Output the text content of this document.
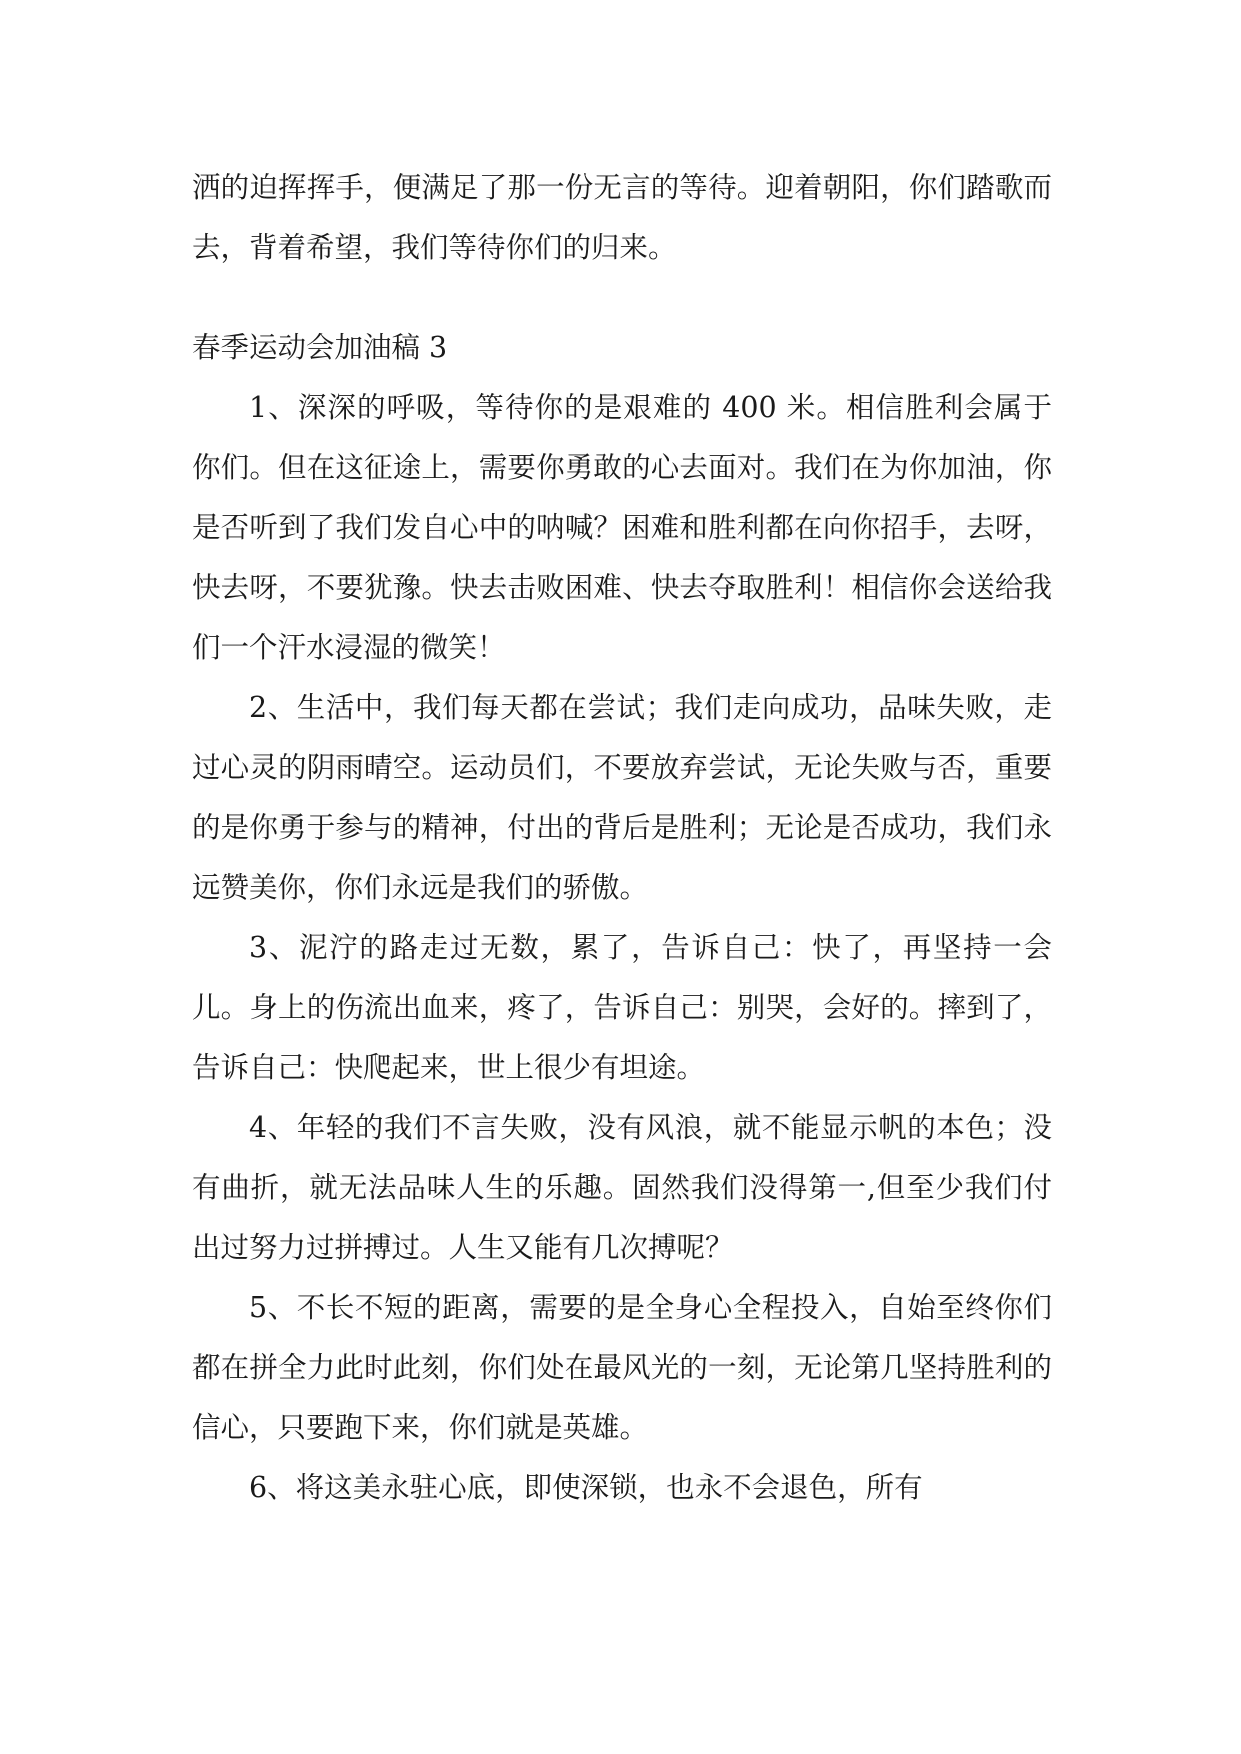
洒的迫挥挥手，便满足了那一份无言的等待。迎着朝阳，你们踏歌而去，背着希望，我们等待你们的归来。

春季运动会加油稿 3

1、深深的呼吸，等待你的是艰难的 400 米。相信胜利会属于你们。但在这征途上，需要你勇敢的心去面对。我们在为你加油，你是否听到了我们发自心中的呐喊？困难和胜利都在向你招手，去呀，快去呀，不要犹豫。快去击败困难、快去夺取胜利！相信你会送给我们一个汗水浸湿的微笑！

2、生活中，我们每天都在尝试；我们走向成功，品味失败，走过心灵的阴雨晴空。运动员们，不要放弃尝试，无论失败与否，重要的是你勇于参与的精神，付出的背后是胜利；无论是否成功，我们永远赞美你，你们永远是我们的骄傲。

3、泥泞的路走过无数，累了，告诉自己：快了，再坚持一会儿。身上的伤流出血来，疼了，告诉自己：别哭，会好的。摔到了，告诉自己：快爬起来，世上很少有坦途。

4、年轻的我们不言失败，没有风浪，就不能显示帆的本色；没有曲折，就无法品味人生的乐趣。固然我们没得第一,但至少我们付出过努力过拼搏过。人生又能有几次搏呢？

5、不长不短的距离，需要的是全身心全程投入，自始至终你们都在拼全力此时此刻，你们处在最风光的一刻，无论第几坚持胜利的信心，只要跑下来，你们就是英雄。

6、将这美永驻心底，即使深锁，也永不会退色，所有
